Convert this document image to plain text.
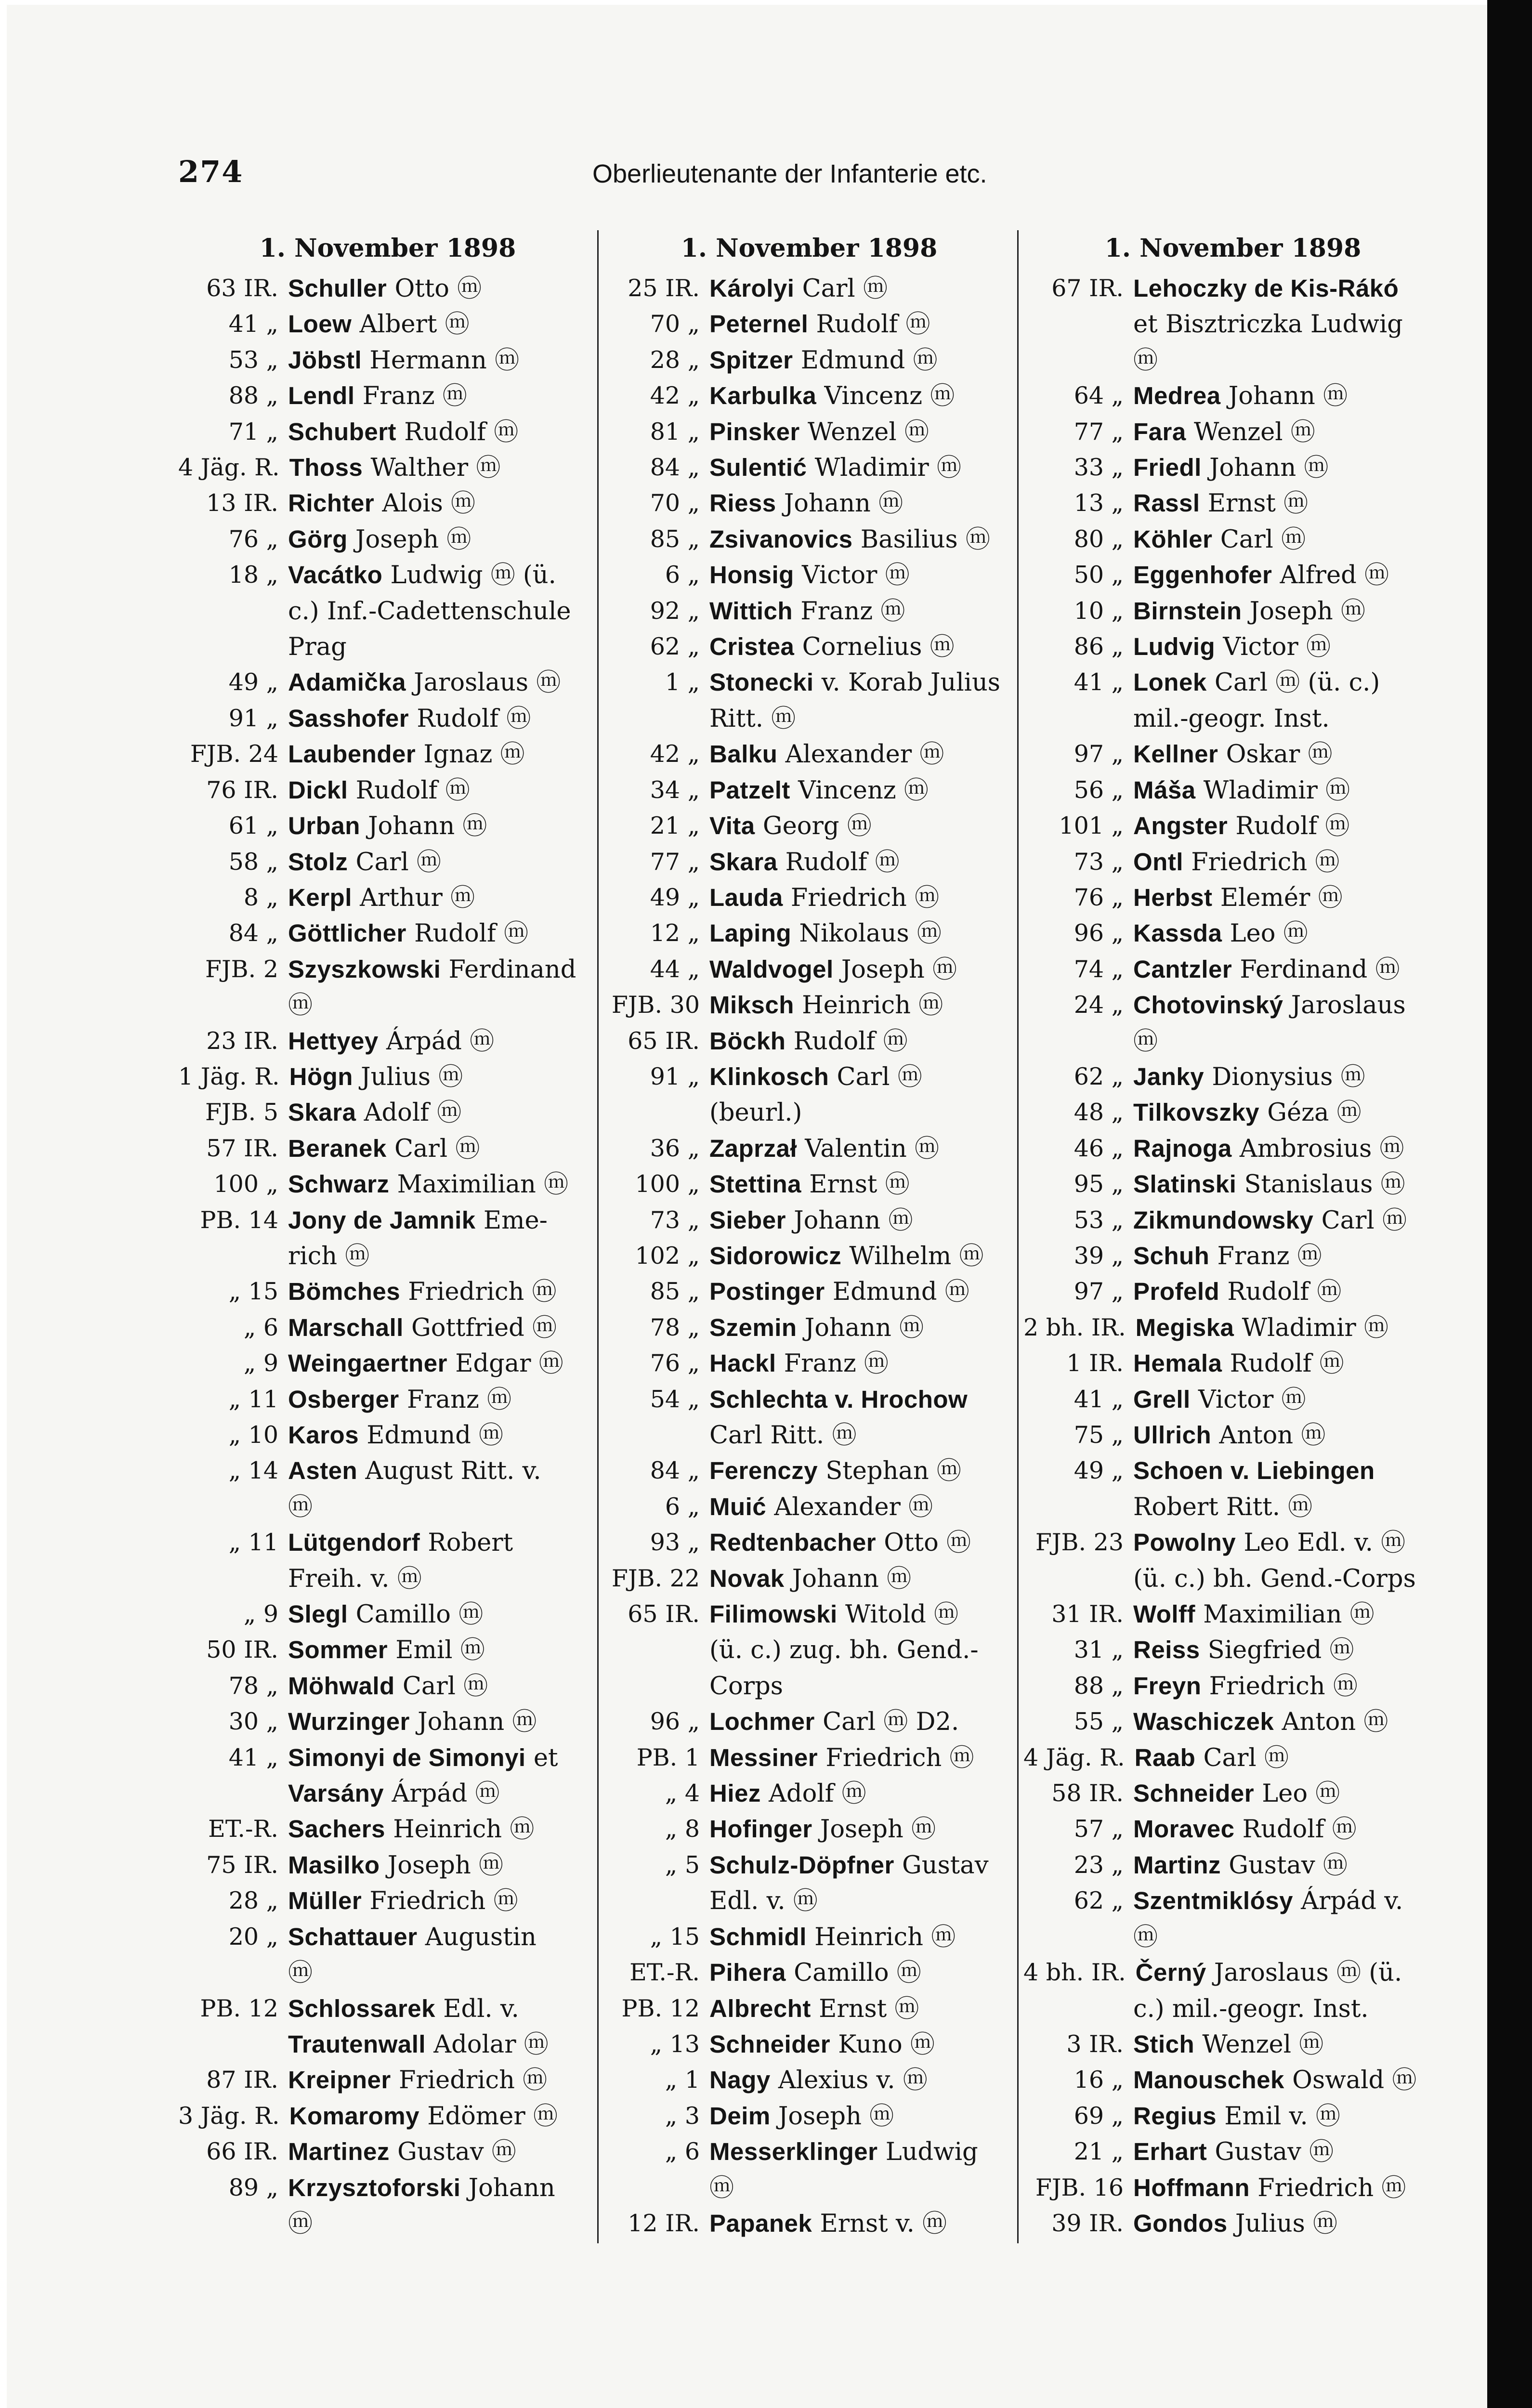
274	Oberlieutenante der Infanterie etc.
1. November 1898
63 IR. Schuller Otto ⓜ
41 „ Loew Albert ⓜ
53 „ Jöbstl Hermann ⓜ
88 „ Lendl Franz ⓜ
71 „ Schubert Rudolf ⓜ
4 Jäg. R. Thoss Walther ⓜ
13 IR. Richter Alois ⓜ
76 „ Görg Joseph ⓜ
18 „ Vacátko Ludwig ⓜ (ü.
c.) Inf.-Cadettenschule
Prag
49 „ Adamička Jaroslaus ⓜ
91 „ Sasshofer Rudolf ⓜ
FJB. 24 Laubender Ignaz ⓜ
76 IR. Dickl Rudolf ⓜ
61 „ Urban Johann ⓜ
58 „ Stolz Carl ⓜ
8 „ Kerpl Arthur ⓜ
84 „ Göttlicher Rudolf ⓜ
FJB. 2 Szyszkowski Ferdinand
ⓜ
23 IR. Hettyey Árpád ⓜ
1 Jäg. R. Högn Julius ⓜ
FJB. 5 Skara Adolf ⓜ
57 IR. Beranek Carl ⓜ
100 „ Schwarz Maximilian ⓜ
PB. 14 Jony de Jamnik Eme-
rich ⓜ
„ 15 Bömches Friedrich ⓜ
„ 6 Marschall Gottfried ⓜ
„ 9 Weingaertner Edgar ⓜ
„ 11 Osberger Franz ⓜ
„ 10 Karos Edmund ⓜ
„ 14 Asten August Ritt. v.
ⓜ
„ 11 Lütgendorf Robert
Freih. v. ⓜ
„ 9 Slegl Camillo ⓜ
50 IR. Sommer Emil ⓜ
78 „ Möhwald Carl ⓜ
30 „ Wurzinger Johann ⓜ
41 „ Simonyi de Simonyi et
Varsány Árpád ⓜ
ET.-R. Sachers Heinrich ⓜ
75 IR. Masilko Joseph ⓜ
28 „ Müller Friedrich ⓜ
20 „ Schattauer Augustin
ⓜ
PB. 12 Schlossarek Edl. v.
Trautenwall Adolar ⓜ
87 IR. Kreipner Friedrich ⓜ
3 Jäg. R. Komaromy Edömer ⓜ
66 IR. Martinez Gustav ⓜ
89 „ Krzysztoforski Johann
ⓜ
1. November 1898
25 IR. Károlyi Carl ⓜ
70 „ Peternel Rudolf ⓜ
28 „ Spitzer Edmund ⓜ
42 „ Karbulka Vincenz ⓜ
81 „ Pinsker Wenzel ⓜ
84 „ Sulentić Wladimir ⓜ
70 „ Riess Johann ⓜ
85 „ Zsivanovics Basilius ⓜ
6 „ Honsig Victor ⓜ
92 „ Wittich Franz ⓜ
62 „ Cristea Cornelius ⓜ
1 „ Stonecki v. Korab Julius
Ritt. ⓜ
42 „ Balku Alexander ⓜ
34 „ Patzelt Vincenz ⓜ
21 „ Vita Georg ⓜ
77 „ Skara Rudolf ⓜ
49 „ Lauda Friedrich ⓜ
12 „ Laping Nikolaus ⓜ
44 „ Waldvogel Joseph ⓜ
FJB. 30 Miksch Heinrich ⓜ
65 IR. Böckh Rudolf ⓜ
91 „ Klinkosch Carl ⓜ
(beurl.)
36 „ Zaprzał Valentin ⓜ
100 „ Stettina Ernst ⓜ
73 „ Sieber Johann ⓜ
102 „ Sidorowicz Wilhelm ⓜ
85 „ Postinger Edmund ⓜ
78 „ Szemin Johann ⓜ
76 „ Hackl Franz ⓜ
54 „ Schlechta v. Hrochow
Carl Ritt. ⓜ
84 „ Ferenczy Stephan ⓜ
6 „ Muić Alexander ⓜ
93 „ Redtenbacher Otto ⓜ
FJB. 22 Novak Johann ⓜ
65 IR. Filimowski Witold ⓜ
(ü. c.) zug. bh. Gend.-
Corps
96 „ Lochmer Carl ⓜ D2.
PB. 1 Messiner Friedrich ⓜ
„ 4 Hiez Adolf ⓜ
„ 8 Hofinger Joseph ⓜ
„ 5 Schulz-Döpfner Gustav
Edl. v. ⓜ
„ 15 Schmidl Heinrich ⓜ
ET.-R. Pihera Camillo ⓜ
PB. 12 Albrecht Ernst ⓜ
„ 13 Schneider Kuno ⓜ
„ 1 Nagy Alexius v. ⓜ
„ 3 Deim Joseph ⓜ
„ 6 Messerklinger Ludwig
ⓜ
12 IR. Papanek Ernst v. ⓜ
1. November 1898
67 IR. Lehoczky de Kis-Rákó
et Bisztriczka Ludwig
ⓜ
64 „ Medrea Johann ⓜ
77 „ Fara Wenzel ⓜ
33 „ Friedl Johann ⓜ
13 „ Rassl Ernst ⓜ
80 „ Köhler Carl ⓜ
50 „ Eggenhofer Alfred ⓜ
10 „ Birnstein Joseph ⓜ
86 „ Ludvig Victor ⓜ
41 „ Lonek Carl ⓜ (ü. c.)
mil.-geogr. Inst.
97 „ Kellner Oskar ⓜ
56 „ Máša Wladimir ⓜ
101 „ Angster Rudolf ⓜ
73 „ Ontl Friedrich ⓜ
76 „ Herbst Elemér ⓜ
96 „ Kassda Leo ⓜ
74 „ Cantzler Ferdinand ⓜ
24 „ Chotovinský Jaroslaus
ⓜ
62 „ Janky Dionysius ⓜ
48 „ Tilkovszky Géza ⓜ
46 „ Rajnoga Ambrosius ⓜ
95 „ Slatinski Stanislaus ⓜ
53 „ Zikmundowsky Carl ⓜ
39 „ Schuh Franz ⓜ
97 „ Profeld Rudolf ⓜ
2 bh. IR. Megiska Wladimir ⓜ
1 IR. Hemala Rudolf ⓜ
41 „ Grell Victor ⓜ
75 „ Ullrich Anton ⓜ
49 „ Schoen v. Liebingen
Robert Ritt. ⓜ
FJB. 23 Powolny Leo Edl. v. ⓜ
(ü. c.) bh. Gend.-Corps
31 IR. Wolff Maximilian ⓜ
31 „ Reiss Siegfried ⓜ
88 „ Freyn Friedrich ⓜ
55 „ Waschiczek Anton ⓜ
4 Jäg. R. Raab Carl ⓜ
58 IR. Schneider Leo ⓜ
57 „ Moravec Rudolf ⓜ
23 „ Martinz Gustav ⓜ
62 „ Szentmiklósy Árpád v.
ⓜ
4 bh. IR. Černý Jaroslaus ⓜ (ü.
c.) mil.-geogr. Inst.
3 IR. Stich Wenzel ⓜ
16 „ Manouschek Oswald ⓜ
69 „ Regius Emil v. ⓜ
21 „ Erhart Gustav ⓜ
FJB. 16 Hoffmann Friedrich ⓜ
39 IR. Gondos Julius ⓜ
